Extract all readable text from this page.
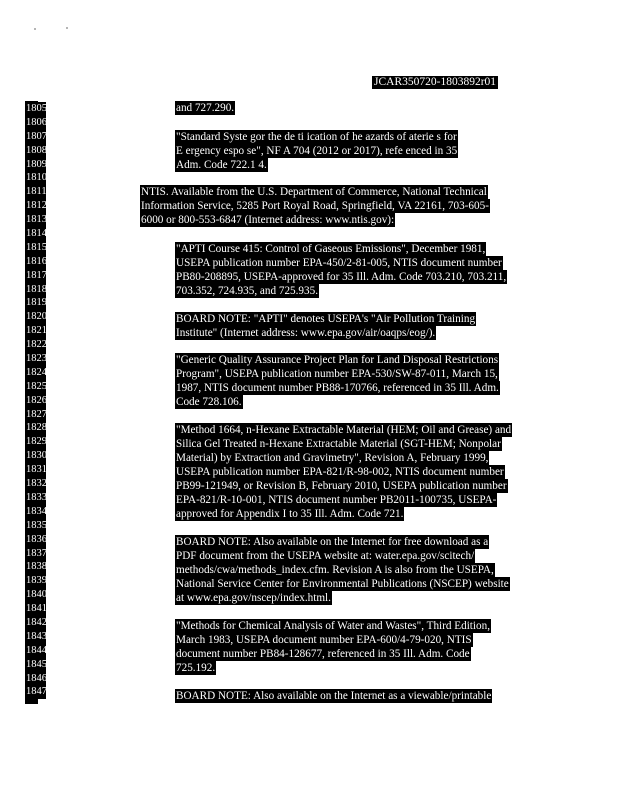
JCAR350720-1803892r01
1805
1806
1807
1808
1809
1810
1811
1812
1813
1814
1815
1816
1817
1818
1819
1820
1821
1822
1823
1824
1825
1826
1827
1828
1829
1830
1831
1832
1833
1834
1835
1836
1837
1838
1839
1840
1841
1842
1843
1844
1845
1846
1847
and 727.290.
"Standard Syste gor the de ti ication of he azards of aterie s for
E ergency espo se", NF A 704 (2012 or 2017), refe enced in 35
Adm. Code 722.1 4.
NTIS. Available from the U.S. Department of Commerce, National Technical
Information Service, 5285 Port Royal Road, Springfield, VA 22161, 703-605-
6000 or 800-553-6847 (Internet address: www.ntis.gov):
"APTI Course 415: Control of Gaseous Emissions", December 1981,
USEPA publication number EPA-450/2-81-005, NTIS document number
PB80-208895, USEPA-approved for 35 Ill. Adm. Code 703.210, 703.211,
703.352, 724.935, and 725.935.
BOARD NOTE: "APTI" denotes USEPA's "Air Pollution Training
Institute" (Internet address: www.epa.gov/air/oaqps/eog/).
"Generic Quality Assurance Project Plan for Land Disposal Restrictions
Program", USEPA publication number EPA-530/SW-87-011, March 15,
1987, NTIS document number PB88-170766, referenced in 35 Ill. Adm.
Code 728.106.
"Method 1664, n-Hexane Extractable Material (HEM; Oil and Grease) and
Silica Gel Treated n-Hexane Extractable Material (SGT-HEM; Nonpolar
Material) by Extraction and Gravimetry", Revision A, February 1999,
USEPA publication number EPA-821/R-98-002, NTIS document number
PB99-121949, or Revision B, February 2010, USEPA publication number
EPA-821/R-10-001, NTIS document number PB2011-100735, USEPA-
approved for Appendix I to 35 Ill. Adm. Code 721.
BOARD NOTE: Also available on the Internet for free download as a
PDF document from the USEPA website at: water.epa.gov/scitech/
methods/cwa/methods_index.cfm. Revision A is also from the USEPA,
National Service Center for Environmental Publications (NSCEP) website
at www.epa.gov/nscep/index.html.
"Methods for Chemical Analysis of Water and Wastes", Third Edition,
March 1983, USEPA document number EPA-600/4-79-020, NTIS
document number PB84-128677, referenced in 35 Ill. Adm. Code
725.192.
BOARD NOTE: Also available on the Internet as a viewable/printable
